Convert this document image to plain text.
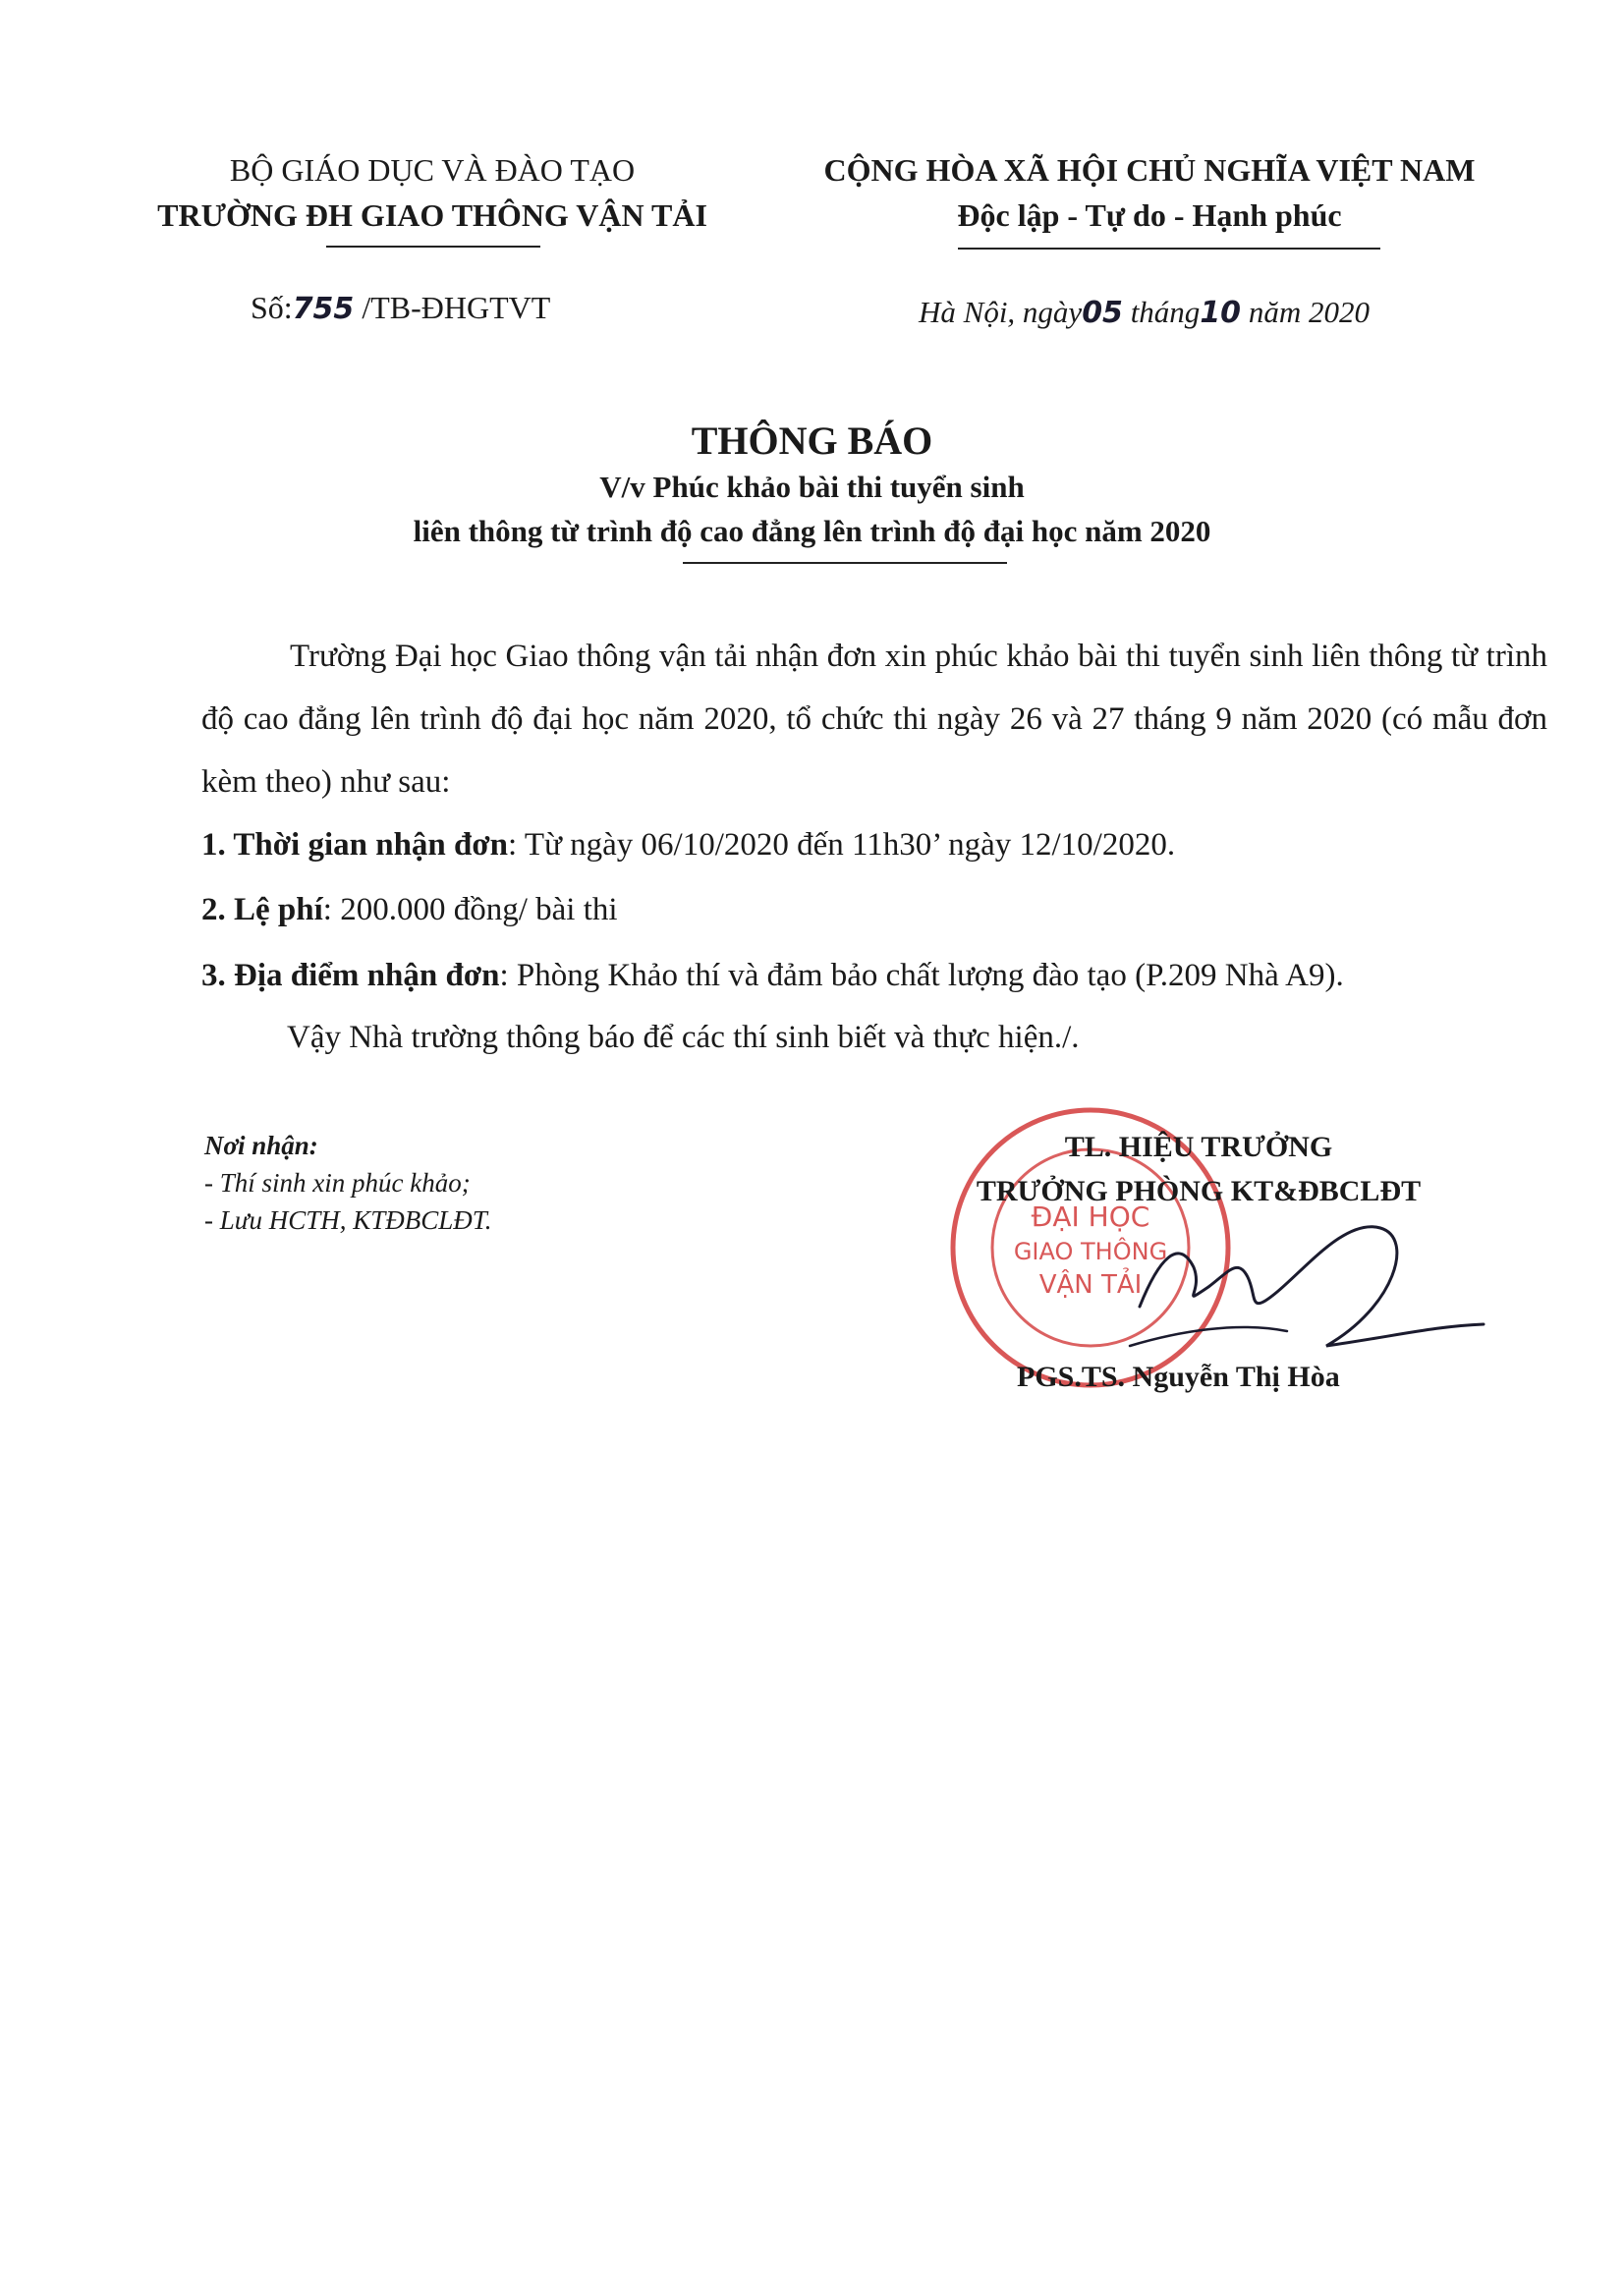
BỘ GIÁO DỤC VÀ ĐÀO TẠO
TRƯỜNG ĐH GIAO THÔNG VẬN TẢI
CỘNG HÒA XÃ HỘI CHỦ NGHĨA VIỆT NAM
Độc lập - Tự do - Hạnh phúc
Số:755 /TB-ĐHGTVT	Hà Nội, ngày05 tháng10 năm 2020
THÔNG BÁO
V/v Phúc khảo bài thi tuyển sinh
liên thông từ trình độ cao đẳng lên trình độ đại học năm 2020
Trường Đại học Giao thông vận tải nhận đơn xin phúc khảo bài thi tuyển sinh liên thông từ trình độ cao đẳng lên trình độ đại học năm 2020, tổ chức thi ngày 26 và 27 tháng 9 năm 2020 (có mẫu đơn kèm theo) như sau:
1. Thời gian nhận đơn: Từ ngày 06/10/2020 đến 11h30’ ngày 12/10/2020.
2. Lệ phí: 200.000 đồng/ bài thi
3. Địa điểm nhận đơn: Phòng Khảo thí và đảm bảo chất lượng đào tạo (P.209 Nhà A9).
Vậy Nhà trường thông báo để các thí sinh biết và thực hiện./.
Nơi nhận:
- Thí sinh xin phúc khảo;
- Lưu HCTH, KTĐBCLĐT.	ĐẠI HỌC
GIAO THÔNG
VẬN TẢI
TL. HIỆU TRƯỞNG
TRƯỞNG PHÒNG KT&ĐBCLĐT
PGS.TS. Nguyễn Thị Hòa
